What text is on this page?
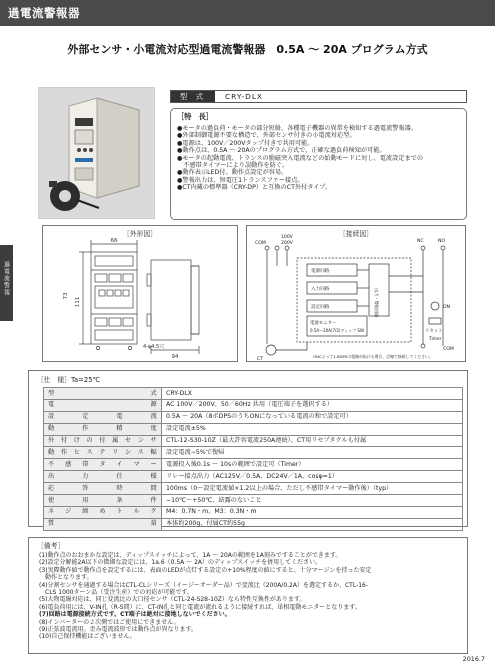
過電流警報器
外部センサ・小電流対応型過電流警報器　0.5A ～ 20A プログラム方式
型 式	CRY-DLX
［特　長］
●モータの過負荷・モータの部分短絡、各種電子機器の異常を検知する過電流警報器。
●外部制御電源不要な構造で、外部センサ付きの小電流対応型。
●電源は、100V／200Vタップ付きで共用可能。
●動作点は、0.5A ～ 20Aのプログラム方式で、正確な過負荷検知が可能。
●モータの起動電流、トランスの励磁突入電流などの始動モードに対し、電流設定までの
　不感帯タイマーにより誤動作を防ぐ。
●動作表示LED付。動作点設定が容易。
●警報出力は、無電圧1トランスファー接点。
●CT内蔵の標準器（CRY-DP）と互換のCT外付タイプ。
過電流警報
［外形図］
111
66
94
73
4-φ4.5穴
［接続図］
200V
100V
COM
電源回路
入力回路
設定回路
電流モニター
0.5A～20A(7/2)ディップ SW
出力・警報回路
NC	NO
ON
リセット
Timer
COM
CT
ONCとって1.6DPSの電線が抜ける場合、点線で接続してください。
［仕　様］Ta=25℃
型式	CRY-DLX
電源	AC 100V／200V、50／60Hz 共用（電圧端子を選択する）
設定電流	0.5A ～ 20A（8ポDPSのうちONになっている電流の和で設定可）
動作精度	設定電流±5%
外付けの付属センサ	CTL-12-S30-10Z（最大許容電流250A連続）、CT用リセプタクルも付属
動作ヒステリシス幅	設定電流−5%で復帰
不感帯タイマー	電源投入後0.1s ～ 10sの範囲で設定可（Timer）
出力仕様	リレー接点出力（AC125V／0.5A、DC24V／1A、cosφ=1）
応答時間	100ms（0～設定電流値×1.2以上の場合、ただし不感帯タイマー動作後）（typ）
使用条件	−10℃～+50℃、結露のないこと
ネジ締めトルク	M4：0.7N・m、M3：0.3N・m
質量	本体約200g、付属CT約55g
［備考］
(1)動作点のおおまかな設定は、ディップスイッチによって、1A ～ 20Aの範囲を1A刻みですることができます。
(2)設定分解能2A以下の微細な設定には、1a.6（0.5A ～ 2A）のディップスイッチを併用してください。
(3)実際動作値で動作点を設定するには、表面のLEDが点灯する設定の+10%程度の値にすると、十分マージンを持った安定
　動作となります。
(4)分割センサを通過する場合はCTL-CLシリーズ（イージーオーダー品）で変流比（200A/0.2A）を選定するか、CTL-16-
　CLS 1000ターン品（受注生産）での対応が可能です。
(5)大物電線対応は、同じ変流比の大口径センサ（CTL-24-S28-10Z）なら特性互換性があります。
(6)電負荷用には、V-IN孔（R-S間）に、CT-IN孔と同じ電流が流れるように接続すれば、単相電動モニターとなります。
(7)回路は電源接続方式です。CT端子は絶対に接地しないでください。
(8)インバーターの２次側ではご使用にできません。
(9)正弦波電流用。歪み電流波形では動作点が異なります。
(10)自己保持機能はございません。
2016.7
